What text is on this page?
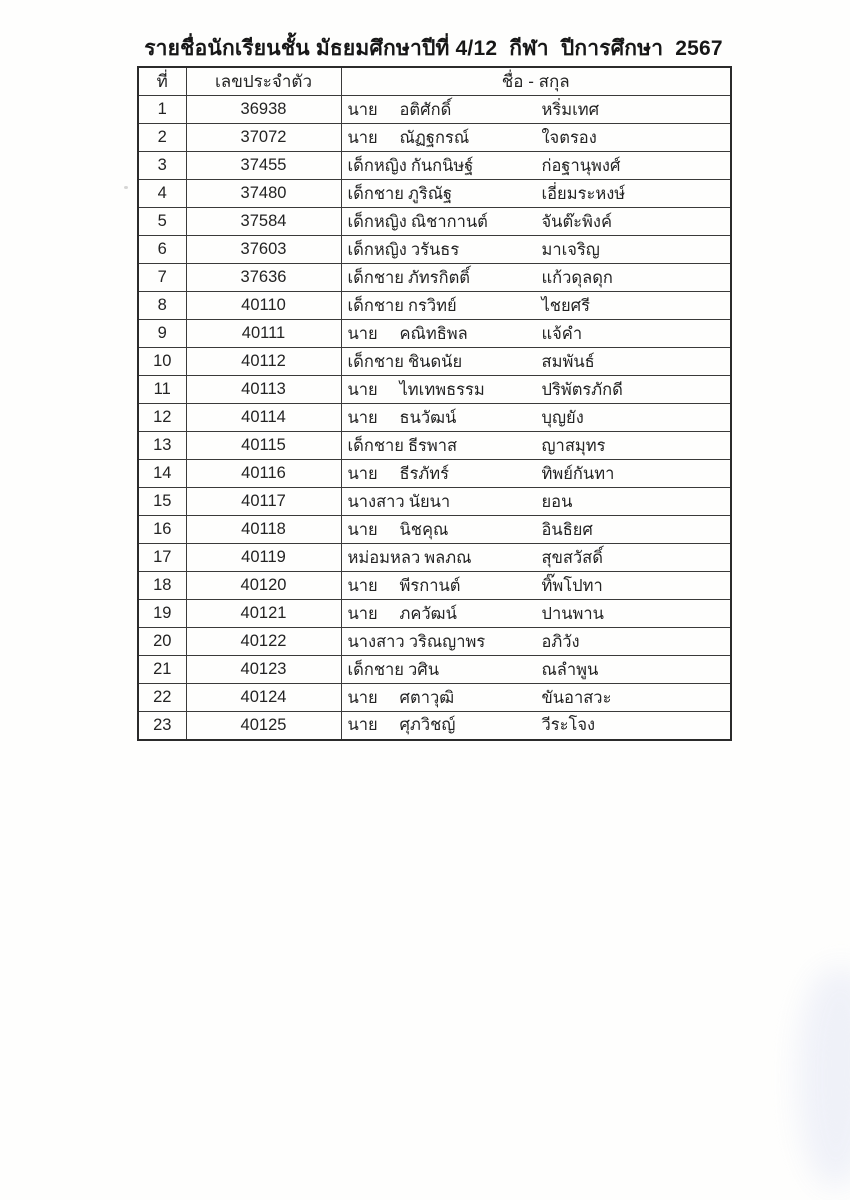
รายชื่อนักเรียนชั้น มัธยมศึกษาปีที่ 4/12  กีฬา  ปีการศึกษา  2567
ที่	เลขประจำตัว	ชื่อ - สกุล
1	36938	นาย อติศักดิ์ หริ่มเทศ

2	37072	นาย ณัฏฐกรณ์ ใจตรอง

3	37455	เด็กหญิง กันกนิษฐ์ ก่อฐานุพงศ์

4	37480	เด็กชาย ภูริณัฐ เอี่ยมระหงษ์

5	37584	เด็กหญิง ณิชากานต์ จันต๊ะพิงค์

6	37603	เด็กหญิง วรันธร มาเจริญ

7	37636	เด็กชาย ภัทรกิตติ์ แก้วดุลดุก

8	40110	เด็กชาย กรวิทย์ ไชยศรี

9	40111	นาย คณิทธิพล แจ้คำ

10	40112	เด็กชาย ชินดนัย สมพันธ์

11	40113	นาย ไทเทพธรรม ปริพัตรภักดี

12	40114	นาย ธนวัฒน์ บุญยัง

13	40115	เด็กชาย ธีรพาส ญาสมุทร

14	40116	นาย ธีรภัทร์ ทิพย์กันทา

15	40117	นางสาว นัยนา ยอน

16	40118	นาย นิชคุณ อินธิยศ

17	40119	หม่อมหลว พลภณ สุขสวัสดิ์

18	40120	นาย พีรกานต์ ทิ๊พโปทา

19	40121	นาย ภควัฒน์ ปานพาน

20	40122	นางสาว วริณญาพร อภิวัง

21	40123	เด็กชาย วศิน ณลำพูน

22	40124	นาย ศตาวุฒิ ขันอาสวะ

23	40125	นาย ศุภวิชญ์ วีระโจง
